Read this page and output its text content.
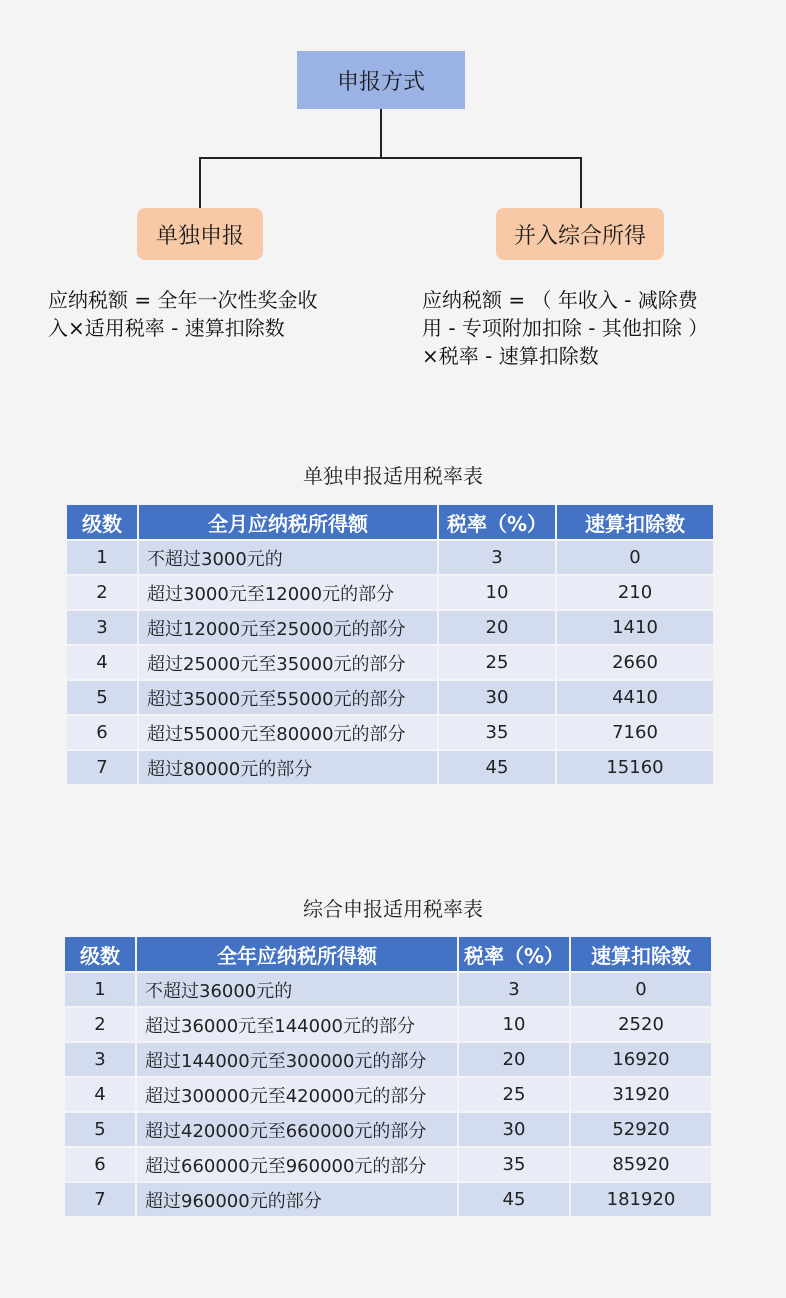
申报方式
单独申报	并入综合所得
应纳税额 = 全年一次性奖金收
入×适用税率 - 速算扣除数
应纳税额 = （ 年收入 - 减除费
用 - 专项附加扣除 - 其他扣除 ）
×税率 - 速算扣除数
单独申报适用税率表
级数	全月应纳税所得额	税率（%）	速算扣除数
1	不超过3000元的	3	0
2	超过3000元至12000元的部分	10	210
3	超过12000元至25000元的部分	20	1410
4	超过25000元至35000元的部分	25	2660
5	超过35000元至55000元的部分	30	4410
6	超过55000元至80000元的部分	35	7160
7	超过80000元的部分	45	15160
综合申报适用税率表
级数	全年应纳税所得额	税率（%）	速算扣除数
1	不超过36000元的	3	0
2	超过36000元至144000元的部分	10	2520
3	超过144000元至300000元的部分	20	16920
4	超过300000元至420000元的部分	25	31920
5	超过420000元至660000元的部分	30	52920
6	超过660000元至960000元的部分	35	85920
7	超过960000元的部分	45	181920
